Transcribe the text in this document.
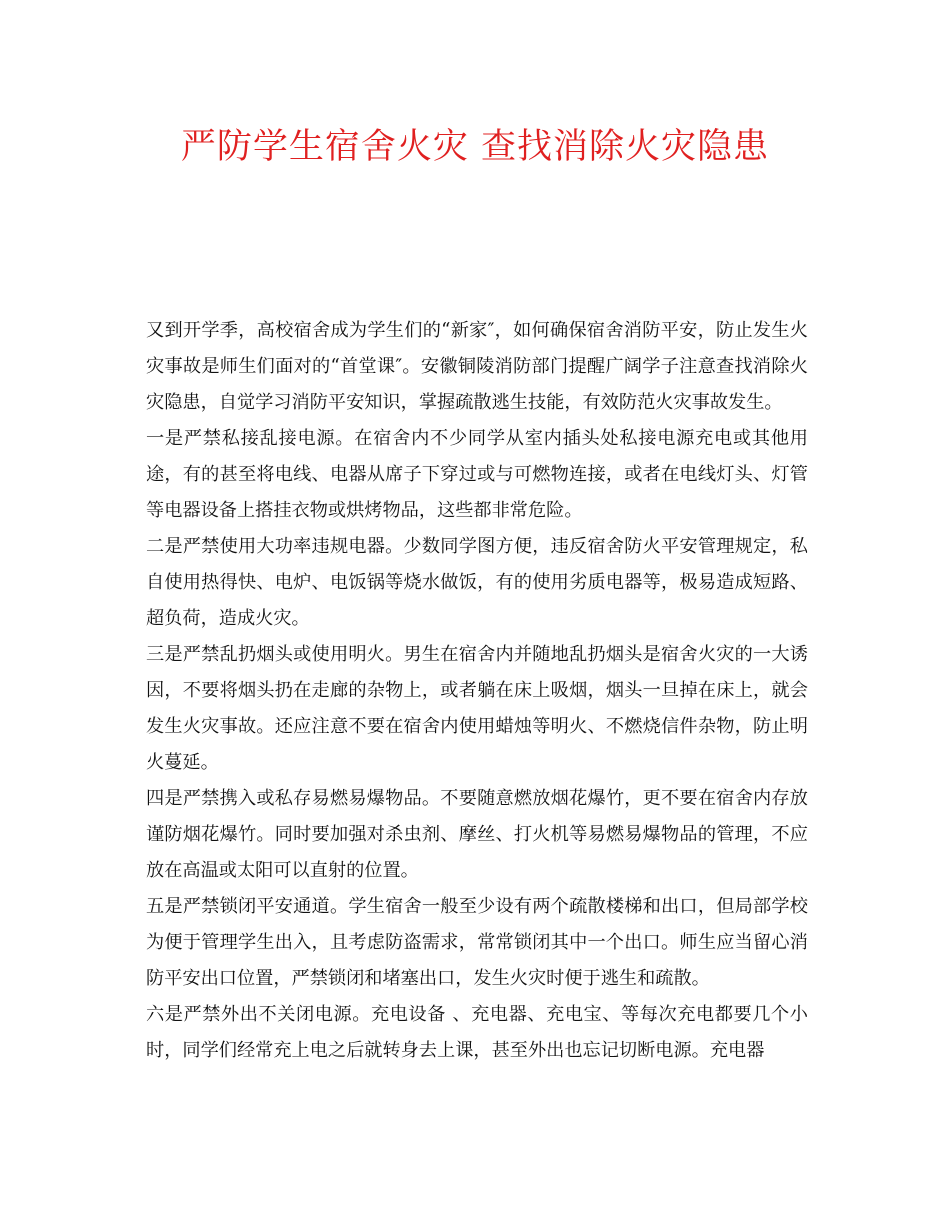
严防学生宿舍火灾 查找消除火灾隐患

又到开学季，高校宿舍成为学生们的“新家″，如何确保宿舍消防平安，防止发生火灾事故是师生们面对的“首堂课″。安徽铜陵消防部门提醒广阔学子注意查找消除火灾隐患，自觉学习消防平安知识，掌握疏散逃生技能，有效防范火灾事故发生。

一是严禁私接乱接电源。在宿舍内不少同学从室内插头处私接电源充电或其他用途，有的甚至将电线、电器从席子下穿过或与可燃物连接，或者在电线灯头、灯管等电器设备上搭挂衣物或烘烤物品，这些都非常危险。

二是严禁使用大功率违规电器。少数同学图方便，违反宿舍防火平安管理规定，私自使用热得快、电炉、电饭锅等烧水做饭，有的使用劣质电器等，极易造成短路、超负荷，造成火灾。

三是严禁乱扔烟头或使用明火。男生在宿舍内并随地乱扔烟头是宿舍火灾的一大诱因，不要将烟头扔在走廊的杂物上，或者躺在床上吸烟，烟头一旦掉在床上，就会发生火灾事故。还应注意不要在宿舍内使用蜡烛等明火、不燃烧信件杂物，防止明火蔓延。

四是严禁携入或私存易燃易爆物品。不要随意燃放烟花爆竹，更不要在宿舍内存放谨防烟花爆竹。同时要加强对杀虫剂、摩丝、打火机等易燃易爆物品的管理，不应放在高温或太阳可以直射的位置。

五是严禁锁闭平安通道。学生宿舍一般至少设有两个疏散楼梯和出口，但局部学校为便于管理学生出入，且考虑防盗需求，常常锁闭其中一个出口。师生应当留心消防平安出口位置，严禁锁闭和堵塞出口，发生火灾时便于逃生和疏散。

六是严禁外出不关闭电源。充电设备 、充电器、充电宝、等每次充电都要几个小时，同学们经常充上电之后就转身去上课，甚至外出也忘记切断电源。充电器
